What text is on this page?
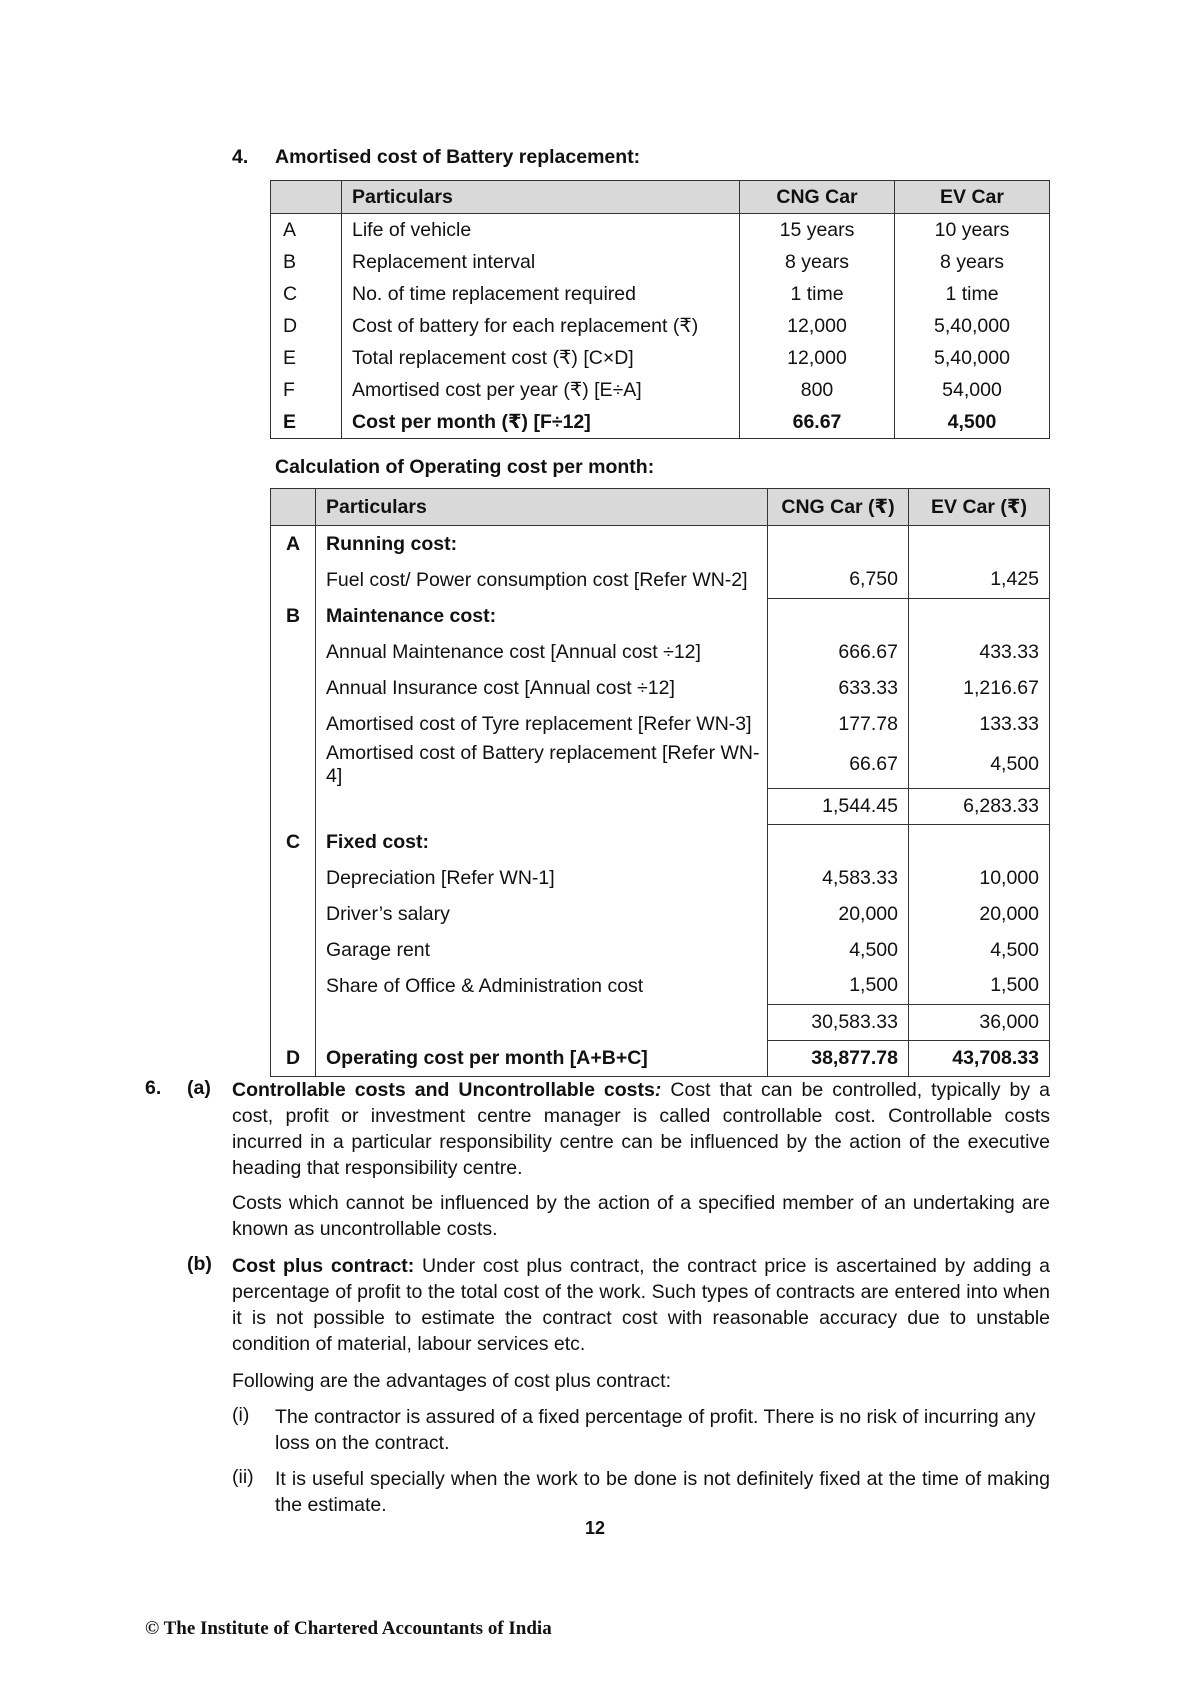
4. Amortised cost of Battery replacement:
	Particulars	CNG Car	EV Car
A	Life of vehicle	15 years	10 years
B	Replacement interval	8 years	8 years
C	No. of time replacement required	1 time	1 time
D	Cost of battery for each replacement (₹)	12,000	5,40,000
E	Total replacement cost (₹) [C×D]	12,000	5,40,000
F	Amortised cost per year (₹) [E÷A]	800	54,000
E	Cost per month (₹) [F÷12]	66.67	4,500
Calculation of Operating cost per month:
	Particulars	CNG Car (₹)	EV Car (₹)
A	Running cost:		
	Fuel cost/ Power consumption cost [Refer WN-2]	6,750	1,425
B	Maintenance cost:		
	Annual Maintenance cost [Annual cost ÷12]	666.67	433.33
	Annual Insurance cost [Annual cost ÷12]	633.33	1,216.67
	Amortised cost of Tyre replacement [Refer WN-3]	177.78	133.33
	Amortised cost of Battery replacement [Refer WN-4]	66.67	4,500
		1,544.45	6,283.33
C	Fixed cost:		
	Depreciation [Refer WN-1]	4,583.33	10,000
	Driver’s salary	20,000	20,000
	Garage rent	4,500	4,500
	Share of Office & Administration cost	1,500	1,500
		30,583.33	36,000
D	Operating cost per month [A+B+C]	38,877.78	43,708.33
6. (a) Controllable costs and Uncontrollable costs: Cost that can be controlled, typically by a cost, profit or investment centre manager is called controllable cost. Controllable costs incurred in a particular responsibility centre can be influenced by the action of the executive heading that responsibility centre.
Costs which cannot be influenced by the action of a specified member of an undertaking are known as uncontrollable costs.
(b) Cost plus contract: Under cost plus contract, the contract price is ascertained by adding a percentage of profit to the total cost of the work. Such types of contracts are entered into when it is not possible to estimate the contract cost with reasonable accuracy due to unstable condition of material, labour services etc.
Following are the advantages of cost plus contract:
(i) The contractor is assured of a fixed percentage of profit. There is no risk of incurring any loss on the contract.
(ii) It is useful specially when the work to be done is not definitely fixed at the time of making the estimate.
12
© The Institute of Chartered Accountants of India
